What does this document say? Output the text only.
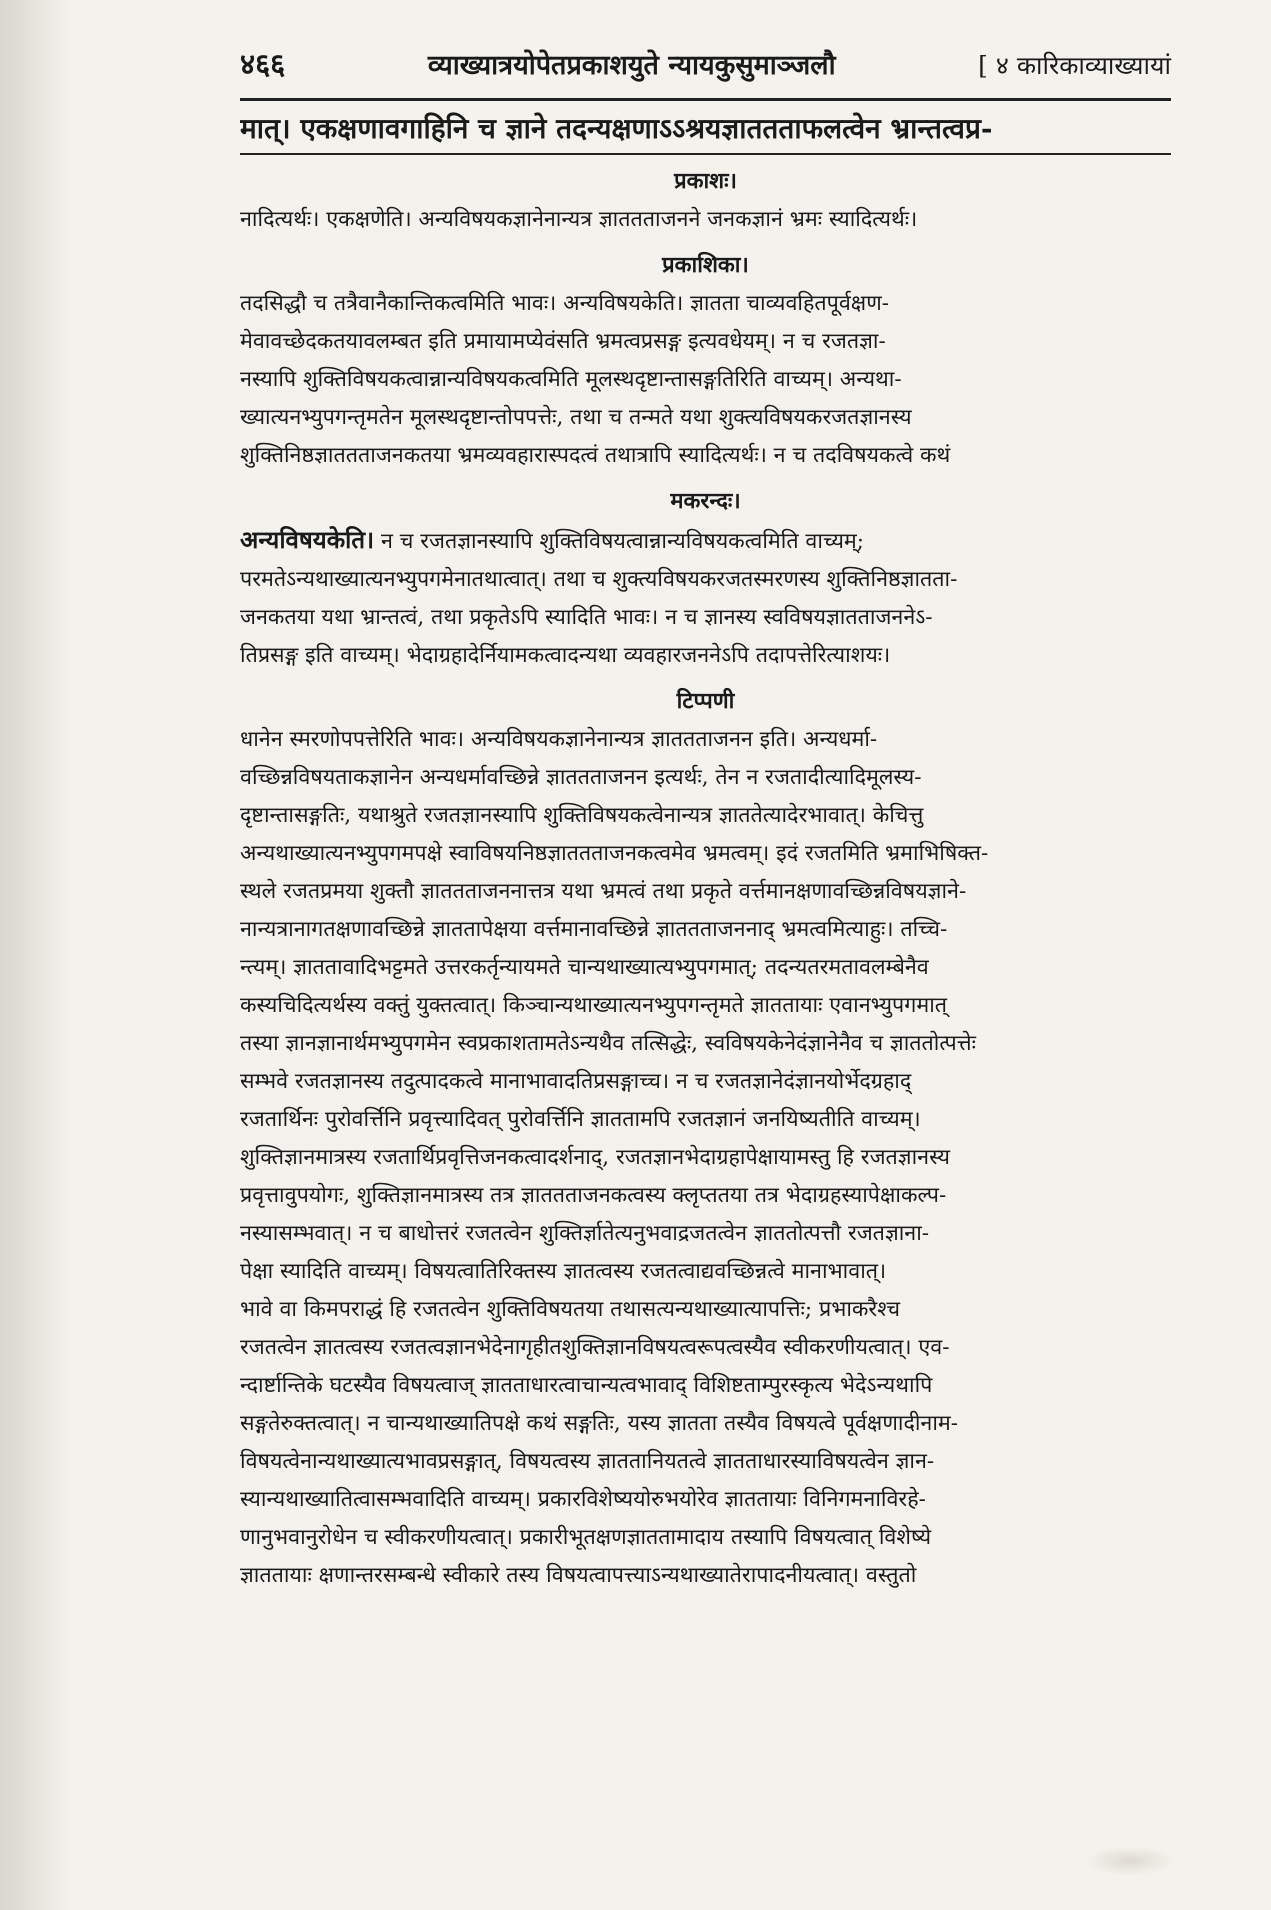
४६६	व्याख्यात्रयोपेतप्रकाशयुते न्यायकुसुमाञ्जलौ	[ ४ कारिकाव्याख्यायां
मात्। एकक्षणावगाहिनि च ज्ञाने तदन्यक्षणाऽऽश्रयज्ञाततताफलत्वेन भ्रान्तत्वप्र-
प्रकाशः।

नादित्यर्थः। एकक्षणेति। अन्यविषयकज्ञानेनान्यत्र ज्ञाततताजनने जनकज्ञानं भ्रमः स्यादित्यर्थः।

प्रकाशिका।

तदसिद्धौ च तत्रैवानैकान्तिकत्वमिति भावः। अन्यविषयकेति। ज्ञातता चाव्यवहितपूर्वक्षण-

मेवावच्छेदकतयावलम्बत इति प्रमायामप्येवंसति भ्रमत्वप्रसङ्ग इत्यवधेयम्। न च रजतज्ञा-

नस्यापि शुक्तिविषयकत्वान्नान्यविषयकत्वमिति मूलस्थदृष्टान्तासङ्गतिरिति वाच्यम्। अन्यथा-

ख्यात्यनभ्युपगन्तृमतेन मूलस्थदृष्टान्तोपपत्तेः, तथा च तन्मते यथा शुक्त्यविषयकरजतज्ञानस्य

शुक्तिनिष्ठज्ञाततताजनकतया भ्रमव्यवहारास्पदत्वं तथात्रापि स्यादित्यर्थः। न च तदविषयकत्वे कथं

मकरन्दः।

अन्यविषयकेति। न च रजतज्ञानस्यापि शुक्तिविषयत्वान्नान्यविषयकत्वमिति वाच्यम्;

परमतेऽन्यथाख्यात्यनभ्युपगमेनातथात्वात्। तथा च शुक्त्यविषयकरजतस्मरणस्य शुक्तिनिष्ठज्ञातता-

जनकतया यथा भ्रान्तत्वं, तथा प्रकृतेऽपि स्यादिति भावः। न च ज्ञानस्य स्वविषयज्ञातताजननेऽ-

तिप्रसङ्ग इति वाच्यम्। भेदाग्रहादेर्नियामकत्वादन्यथा व्यवहारजननेऽपि तदापत्तेरित्याशयः।

टिप्पणी

धानेन स्मरणोपपत्तेरिति भावः। अन्यविषयकज्ञानेनान्यत्र ज्ञाततताजनन इति। अन्यधर्मा-

वच्छिन्नविषयताकज्ञानेन अन्यधर्मावच्छिन्ने ज्ञाततताजनन इत्यर्थः, तेन न रजतादीत्यादिमूलस्य-

दृष्टान्तासङ्गतिः, यथाश्रुते रजतज्ञानस्यापि शुक्तिविषयकत्वेनान्यत्र ज्ञाततेत्यादेरभावात्। केचित्तु

अन्यथाख्यात्यनभ्युपगमपक्षे स्वाविषयनिष्ठज्ञाततताजनकत्वमेव भ्रमत्वम्। इदं रजतमिति भ्रमाभिषिक्त-

स्थले रजतप्रमया शुक्तौ ज्ञाततताजननात्तत्र यथा भ्रमत्वं तथा प्रकृते वर्त्तमानक्षणावच्छिन्नविषयज्ञाने-

नान्यत्रानागतक्षणावच्छिन्ने ज्ञाततापेक्षया वर्त्तमानावच्छिन्ने ज्ञाततताजननाद् भ्रमत्वमित्याहुः। तच्चि-

न्त्यम्। ज्ञाततावादिभट्टमते उत्तरकर्तृन्यायमते चान्यथाख्यात्यभ्युपगमात्; तदन्यतरमतावलम्बेनैव

कस्यचिदित्यर्थस्य वक्तुं युक्तत्वात्। किञ्चान्यथाख्यात्यनभ्युपगन्तृमते ज्ञाततायाः एवानभ्युपगमात्

तस्या ज्ञानज्ञानार्थमभ्युपगमेन स्वप्रकाशतामतेऽन्यथैव तत्सिद्धेः, स्वविषयकेनेदंज्ञानेनैव च ज्ञाततोत्पत्तेः

सम्भवे रजतज्ञानस्य तदुत्पादकत्वे मानाभावादतिप्रसङ्गाच्च। न च रजतज्ञानेदंज्ञानयोर्भेदग्रहाद्

रजतार्थिनः पुरोवर्त्तिनि प्रवृत्त्यादिवत् पुरोवर्त्तिनि ज्ञाततामपि रजतज्ञानं जनयिष्यतीति वाच्यम्।

शुक्तिज्ञानमात्रस्य रजतार्थिप्रवृत्तिजनकत्वादर्शनाद्, रजतज्ञानभेदाग्रहापेक्षायामस्तु हि रजतज्ञानस्य

प्रवृत्तावुपयोगः, शुक्तिज्ञानमात्रस्य तत्र ज्ञाततताजनकत्वस्य क्लृप्ततया तत्र भेदाग्रहस्यापेक्षाकल्प-

नस्यासम्भवात्। न च बाधोत्तरं रजतत्वेन शुक्तिर्ज्ञातेत्यनुभवाद्रजतत्वेन ज्ञाततोत्पत्तौ रजतज्ञाना-

पेक्षा स्यादिति वाच्यम्। विषयत्वातिरिक्तस्य ज्ञातत्वस्य रजतत्वाद्यवच्छिन्नत्वे मानाभावात्।

भावे वा किमपराद्धं हि रजतत्वेन शुक्तिविषयतया तथासत्यन्यथाख्यात्यापत्तिः; प्रभाकरैश्च

रजतत्वेन ज्ञातत्वस्य रजतत्वज्ञानभेदेनागृहीतशुक्तिज्ञानविषयत्वरूपत्वस्यैव स्वीकरणीयत्वात्। एव-

न्दार्ष्टान्तिके घटस्यैव विषयत्वाज् ज्ञातताधारत्वाचान्यत्वभावाद् विशिष्टताम्पुरस्कृत्य भेदेऽन्यथापि

सङ्गतेरुक्तत्वात्। न चान्यथाख्यातिपक्षे कथं सङ्गतिः, यस्य ज्ञातता तस्यैव विषयत्वे पूर्वक्षणादीनाम-

विषयत्वेनान्यथाख्यात्यभावप्रसङ्गात्, विषयत्वस्य ज्ञाततानियतत्वे ज्ञातताधारस्याविषयत्वेन ज्ञान-

स्यान्यथाख्यातित्वासम्भवादिति वाच्यम्। प्रकारविशेष्ययोरुभयोरेव ज्ञाततायाः विनिगमनाविरहे-

णानुभवानुरोधेन च स्वीकरणीयत्वात्। प्रकारीभूतक्षणज्ञाततामादाय तस्यापि विषयत्वात् विशेष्ये

ज्ञाततायाः क्षणान्तरसम्बन्धे स्वीकारे तस्य विषयत्वापत्त्याऽन्यथाख्यातेरापादनीयत्वात्। वस्तुतो
